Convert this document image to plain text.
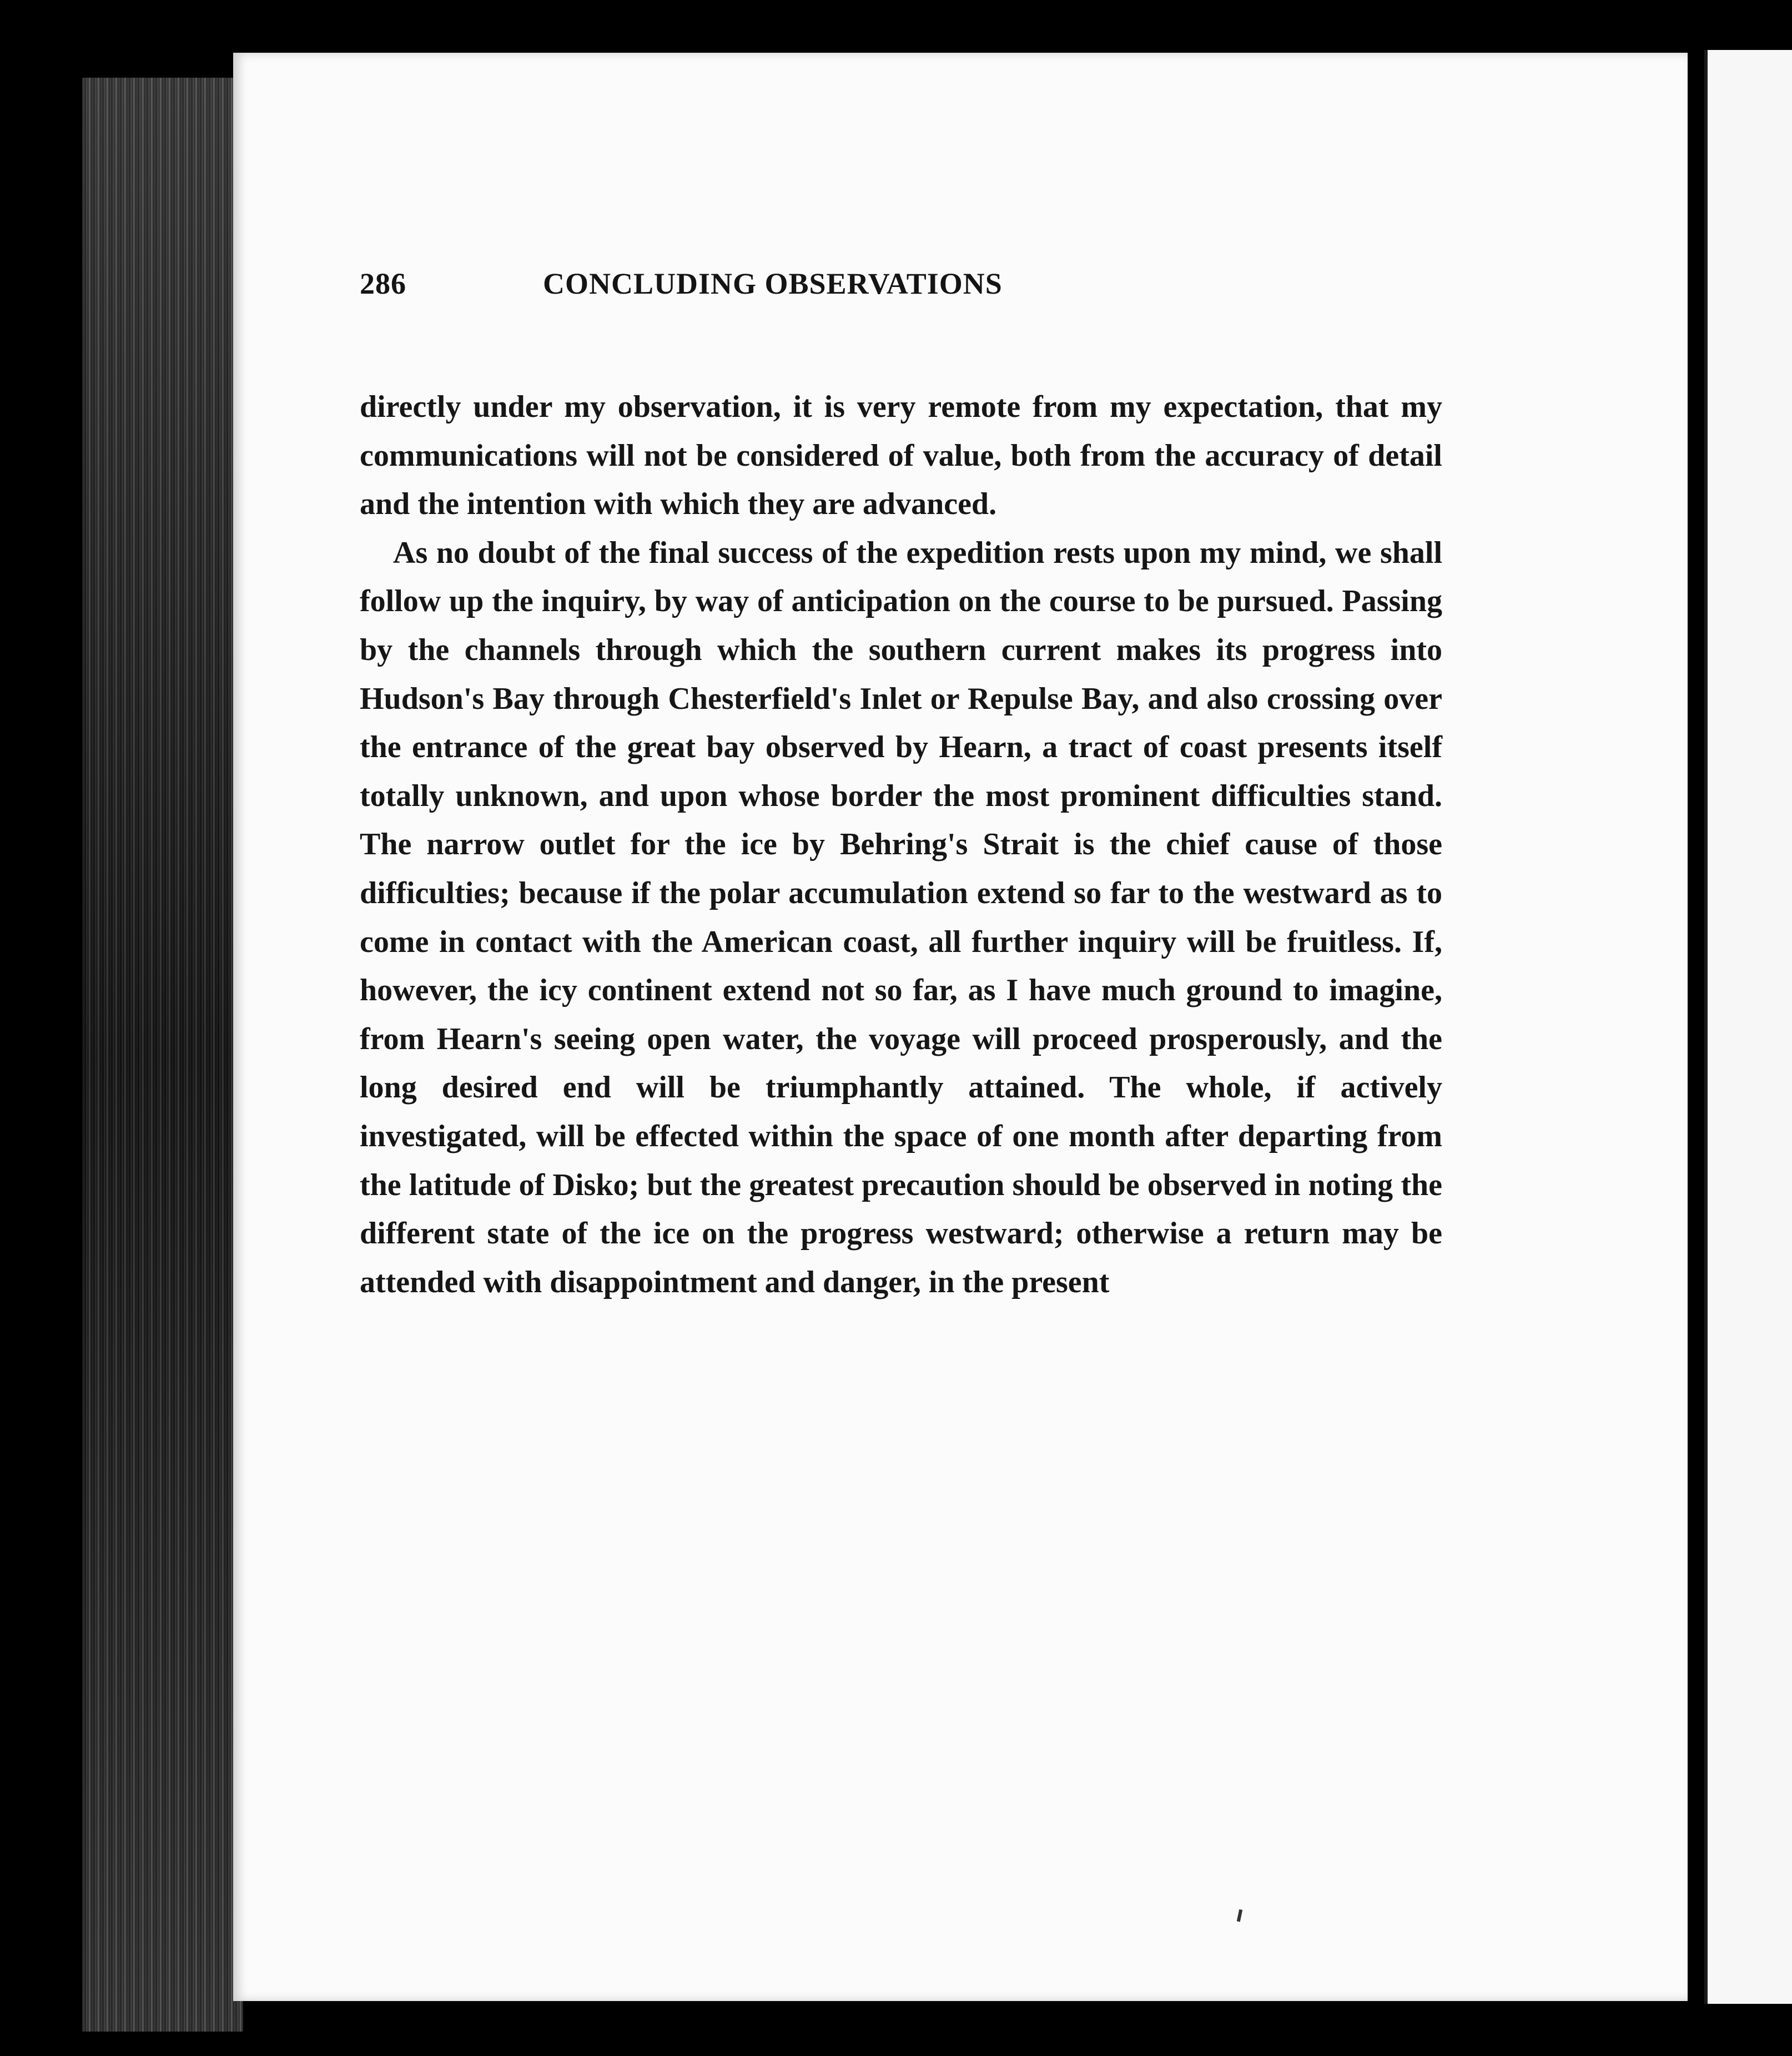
286	CONCLUDING OBSERVATIONS

directly under my observation, it is very remote from my expectation, that my communications will not be considered of value, both from the accuracy of detail and the intention with which they are advanced.

As no doubt of the final success of the expedition rests upon my mind, we shall follow up the inquiry, by way of anticipation on the course to be pursued. Passing by the channels through which the southern current makes its progress into Hudson's Bay through Chesterfield's Inlet or Repulse Bay, and also crossing over the entrance of the great bay observed by Hearn, a tract of coast presents itself totally unknown, and upon whose border the most prominent difficulties stand. The narrow outlet for the ice by Behring's Strait is the chief cause of those difficulties; because if the polar accumulation extend so far to the westward as to come in contact with the American coast, all further inquiry will be fruitless. If, however, the icy continent extend not so far, as I have much ground to imagine, from Hearn's seeing open water, the voyage will proceed prosperously, and the long desired end will be triumphantly attained. The whole, if actively investigated, will be effected within the space of one month after departing from the latitude of Disko; but the greatest precaution should be observed in noting the different state of the ice on the progress westward; otherwise a return may be attended with disappointment and danger, in the present
